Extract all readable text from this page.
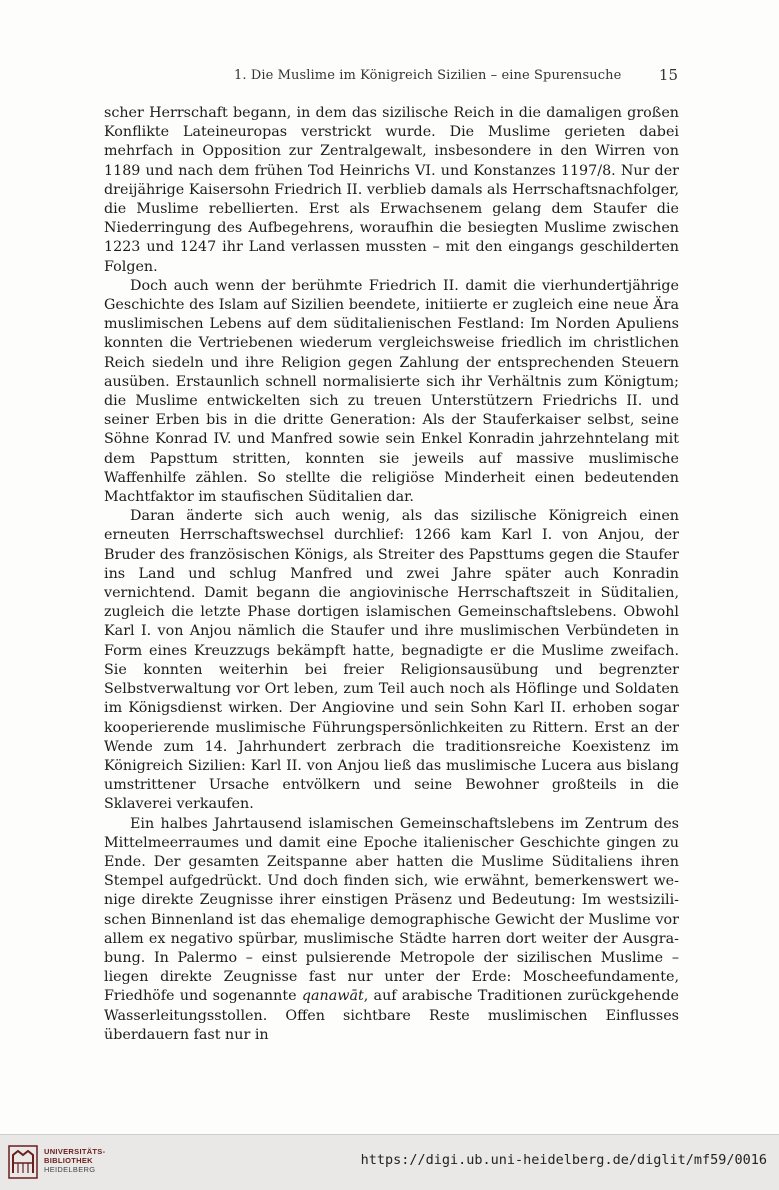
1. Die Muslime im Königreich Sizilien – eine Spurensuche 15

scher Herrschaft begann, in dem das sizilische Reich in die damaligen großen Konflikte Lateineuropas verstrickt wurde. Die Muslime gerieten dabei mehrfach in Opposition zur Zentralgewalt, insbesondere in den Wirren von 1189 und nach dem frühen Tod Heinrichs VI. und Konstanzes 1197/8. Nur der dreijährige Kaisersohn Friedrich II. verblieb damals als Herrschaftsnachfolger, die Muslime rebellierten. Erst als Erwachsenem gelang dem Staufer die Niederringung des Aufbegehrens, woraufhin die besiegten Muslime zwischen 1223 und 1247 ihr Land verlassen mussten – mit den eingangs geschilderten Folgen.

Doch auch wenn der berühmte Friedrich II. damit die vierhundertjährige Geschichte des Islam auf Sizilien beendete, initiierte er zugleich eine neue Ära muslimischen Lebens auf dem süditalienischen Festland: Im Norden Apuliens konnten die Vertriebenen wiederum vergleichsweise friedlich im christlichen Reich siedeln und ihre Religion gegen Zahlung der entsprechenden Steuern ausüben. Erstaunlich schnell normalisierte sich ihr Verhältnis zum Königtum; die Muslime entwickelten sich zu treuen Unterstützern Friedrichs II. und seiner Erben bis in die dritte Generation: Als der Stauferkaiser selbst, seine Söhne Konrad IV. und Manfred sowie sein Enkel Konradin jahrzehntelang mit dem Papsttum stritten, konnten sie jeweils auf massive muslimische Waffenhilfe zählen. So stellte die religiöse Minderheit einen bedeutenden Machtfaktor im staufischen Süditalien dar.

Daran änderte sich auch wenig, als das sizilische Königreich einen erneuten Herrschaftswechsel durchlief: 1266 kam Karl I. von Anjou, der Bruder des französischen Königs, als Streiter des Papsttums gegen die Staufer ins Land und schlug Manfred und zwei Jahre später auch Konradin vernichtend. Damit begann die angiovinische Herrschaftszeit in Süditalien, zugleich die letzte Phase dortigen islamischen Gemeinschaftslebens. Obwohl Karl I. von Anjou nämlich die Staufer und ihre muslimischen Verbündeten in Form eines Kreuzzugs bekämpft hatte, begnadigte er die Muslime zweifach. Sie konnten weiterhin bei freier Religionsausübung und begrenzter Selbstverwaltung vor Ort leben, zum Teil auch noch als Höflinge und Soldaten im Königsdienst wirken. Der Angiovine und sein Sohn Karl II. erhoben sogar kooperierende muslimische Führungspersönlichkeiten zu Rittern. Erst an der Wende zum 14. Jahrhundert zerbrach die traditionsreiche Koexistenz im Königreich Sizilien: Karl II. von Anjou ließ das muslimische Lucera aus bislang umstrittener Ursache entvölkern und seine Bewohner großteils in die Sklaverei verkaufen.

Ein halbes Jahrtausend islamischen Gemeinschaftslebens im Zentrum des Mittelmeerraumes und damit eine Epoche italienischer Geschichte gingen zu Ende. Der gesamten Zeitspanne aber hatten die Muslime Süditaliens ihren Stempel aufgedrückt. Und doch finden sich, wie erwähnt, bemerkenswert wenige direkte Zeugnisse ihrer einstigen Präsenz und Bedeutung: Im westsizilischen Binnenland ist das ehemalige demographische Gewicht der Muslime vor allem ex negativo spürbar, muslimische Städte harren dort weiter der Ausgrabung. In Palermo – einst pulsierende Metropole der sizilischen Muslime – liegen direkte Zeugnisse fast nur unter der Erde: Moscheefundamente, Friedhöfe und sogenannte qanawāt, auf arabische Traditionen zurückgehende Wasserleitungsstollen. Offen sichtbare Reste muslimischen Einflusses überdauern fast nur in

UNIVERSITÄTS-
BIBLIOTHEK
HEIDELBERG
https://digi.ub.uni-heidelberg.de/diglit/mf59/0016
